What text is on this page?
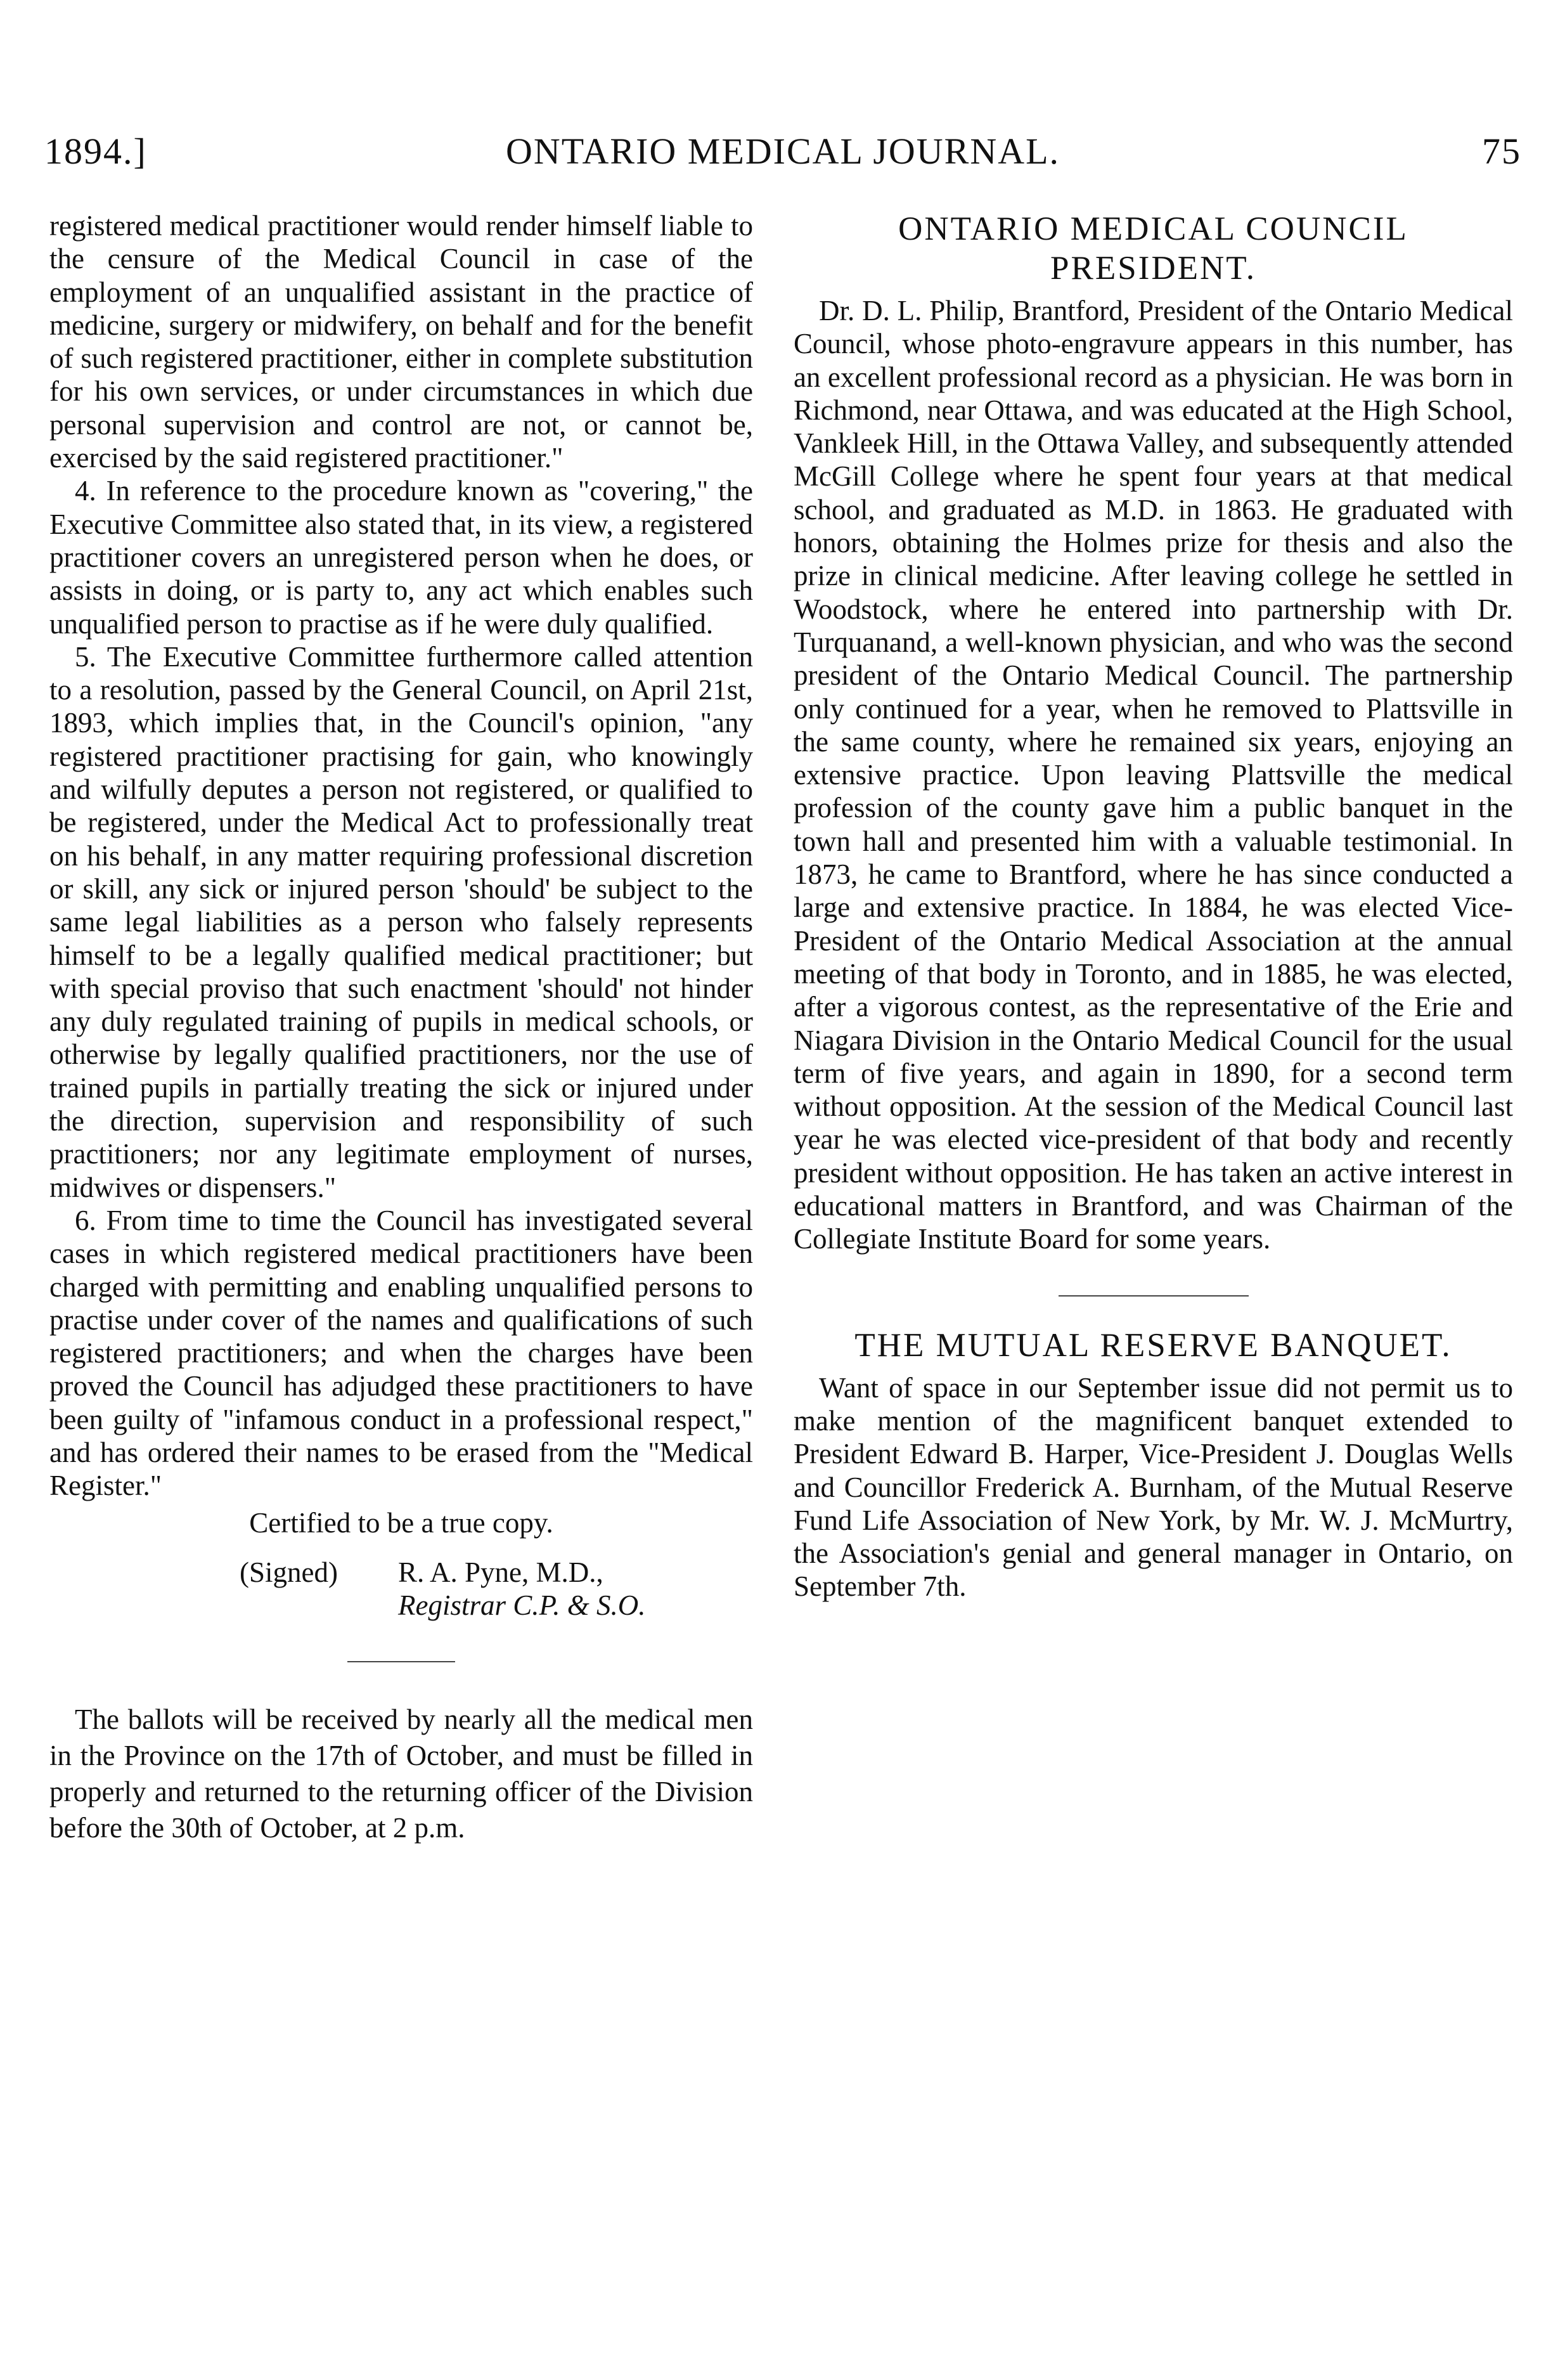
1894.]	ONTARIO MEDICAL JOURNAL.	75

registered medical practitioner would render himself liable to the censure of the Medical Council in case of the employment of an unqualified assistant in the practice of medicine, surgery or midwifery, on behalf and for the benefit of such registered practitioner, either in complete substitution for his own services, or under circumstances in which due personal supervision and control are not, or cannot be, exercised by the said registered practitioner."

4. In reference to the procedure known as "covering," the Executive Committee also stated that, in its view, a registered practitioner covers an unregistered person when he does, or assists in doing, or is party to, any act which enables such unqualified person to practise as if he were duly qualified.

5. The Executive Committee furthermore called attention to a resolution, passed by the General Council, on April 21st, 1893, which implies that, in the Council's opinion, "any registered practitioner practising for gain, who knowingly and wilfully deputes a person not registered, or qualified to be registered, under the Medical Act to professionally treat on his behalf, in any matter requiring professional discretion or skill, any sick or injured person 'should' be subject to the same legal liabilities as a person who falsely represents himself to be a legally qualified medical practitioner; but with special proviso that such enactment 'should' not hinder any duly regulated training of pupils in medical schools, or otherwise by legally qualified practitioners, nor the use of trained pupils in partially treating the sick or injured under the direction, supervision and responsibility of such practitioners; nor any legitimate employment of nurses, midwives or dispensers."

6. From time to time the Council has investigated several cases in which registered medical practitioners have been charged with permitting and enabling unqualified persons to practise under cover of the names and qualifications of such registered practitioners; and when the charges have been proved the Council has adjudged these practitioners to have been guilty of "infamous conduct in a professional respect," and has ordered their names to be erased from the "Medical Register."

Certified to be a true copy.

(Signed) R. A. Pyne, M.D.,

Registrar C.P. & S.O.

The ballots will be received by nearly all the medical men in the Province on the 17th of October, and must be filled in properly and returned to the returning officer of the Division before the 30th of October, at 2 p.m.

ONTARIO MEDICAL COUNCIL PRESIDENT.

Dr. D. L. Philip, Brantford, President of the Ontario Medical Council, whose photo-engravure appears in this number, has an excellent professional record as a physician. He was born in Richmond, near Ottawa, and was educated at the High School, Vankleek Hill, in the Ottawa Valley, and subsequently attended McGill College where he spent four years at that medical school, and graduated as M.D. in 1863. He graduated with honors, obtaining the Holmes prize for thesis and also the prize in clinical medicine. After leaving college he settled in Woodstock, where he entered into partnership with Dr. Turquanand, a well-known physician, and who was the second president of the Ontario Medical Council. The partnership only continued for a year, when he removed to Plattsville in the same county, where he remained six years, enjoying an extensive practice. Upon leaving Plattsville the medical profession of the county gave him a public banquet in the town hall and presented him with a valuable testimonial. In 1873, he came to Brantford, where he has since conducted a large and extensive practice. In 1884, he was elected Vice-President of the Ontario Medical Association at the annual meeting of that body in Toronto, and in 1885, he was elected, after a vigorous contest, as the representative of the Erie and Niagara Division in the Ontario Medical Council for the usual term of five years, and again in 1890, for a second term without opposition. At the session of the Medical Council last year he was elected vice-president of that body and recently president without opposition. He has taken an active interest in educational matters in Brantford, and was Chairman of the Collegiate Institute Board for some years.

THE MUTUAL RESERVE BANQUET.

Want of space in our September issue did not permit us to make mention of the magnificent banquet extended to President Edward B. Harper, Vice-President J. Douglas Wells and Councillor Frederick A. Burnham, of the Mutual Reserve Fund Life Association of New York, by Mr. W. J. McMurtry, the Association's genial and general manager in Ontario, on September 7th.
